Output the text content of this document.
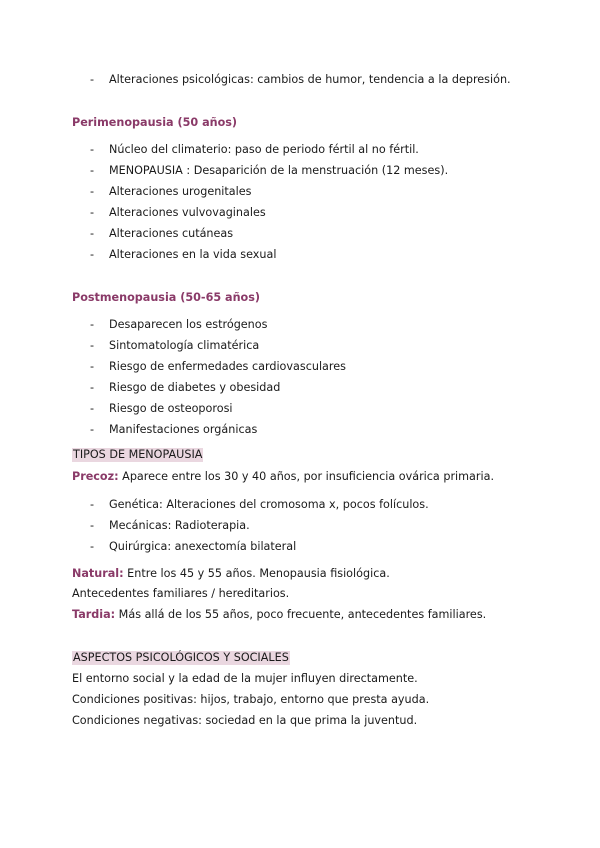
- Alteraciones psicológicas: cambios de humor, tendencia a la depresión.
Perimenopausia (50 años)
- Núcleo del climaterio: paso de periodo fértil al no fértil.
- MENOPAUSIA : Desaparición de la menstruación (12 meses).
- Alteraciones urogenitales
- Alteraciones vulvovaginales
- Alteraciones cutáneas
- Alteraciones en la vida sexual
Postmenopausia (50-65 años)
- Desaparecen los estrógenos
- Sintomatología climatérica
- Riesgo de enfermedades cardiovasculares
- Riesgo de diabetes y obesidad
- Riesgo de osteoporosi
- Manifestaciones orgánicas
TIPOS DE MENOPAUSIA
Precoz: Aparece entre los 30 y 40 años, por insuficiencia ovárica primaria.
- Genética: Alteraciones del cromosoma x, pocos folículos.
- Mecánicas: Radioterapia.
- Quirúrgica: anexectomía bilateral
Natural: Entre los 45 y 55 años. Menopausia fisiológica.
Antecedentes familiares / hereditarios.
Tardia: Más allá de los 55 años, poco frecuente, antecedentes familiares.
ASPECTOS PSICOLÓGICOS Y SOCIALES
El entorno social y la edad de la mujer influyen directamente.
Condiciones positivas: hijos, trabajo, entorno que presta ayuda.
Condiciones negativas: sociedad en la que prima la juventud.
